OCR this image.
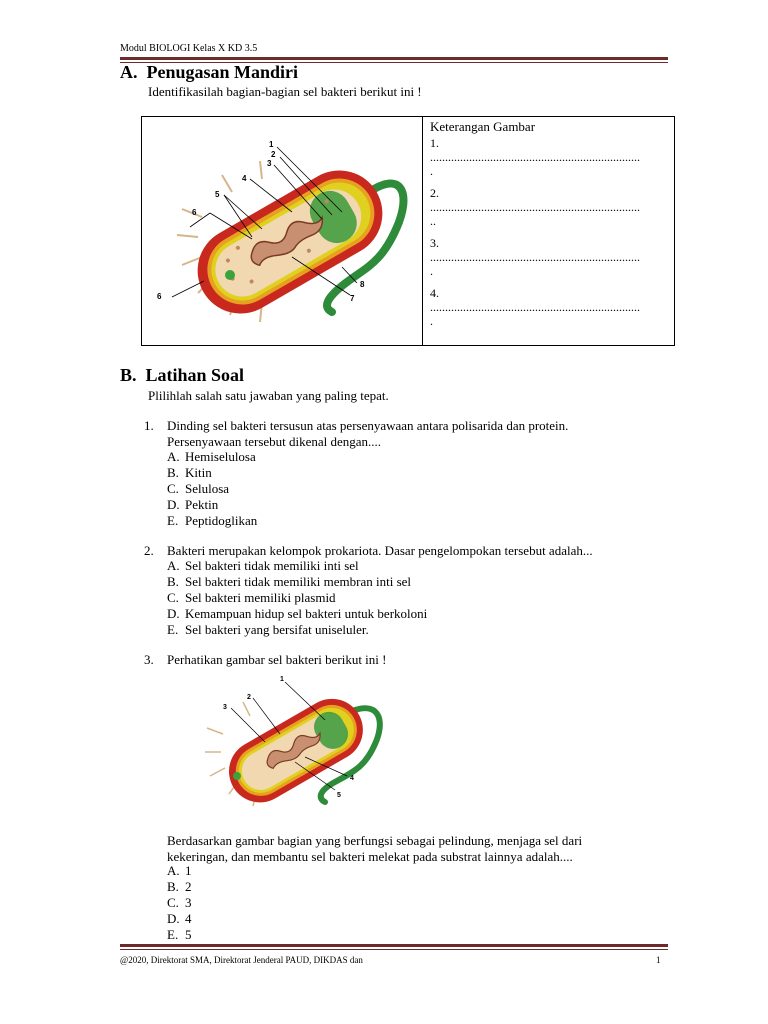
Modul BIOLOGI Kelas X KD 3.5
A.  Penugasan Mandiri
Identifikasilah bagian-bagian sel bakteri berikut ini !
1
2
3
4
5
6
6	7
8
Keterangan Gambar
1.
......................................................................
.
2.
......................................................................
..
3.
......................................................................
.
4.
......................................................................
.
B.  Latihan Soal
Plilihlah salah satu jawaban yang paling tepat.
1. Dinding sel bakteri tersusun atas persenyawaan antara polisarida dan protein.
Persenyawaan tersebut dikenal dengan....
A. Hemiselulosa
B. Kitin
C. Selulosa
D. Pektin
E. Peptidoglikan
2. Bakteri merupakan kelompok prokariota. Dasar pengelompokan tersebut adalah...
A. Sel bakteri tidak memiliki inti sel
B. Sel bakteri tidak memiliki membran inti sel
C. Sel bakteri memiliki plasmid
D. Kemampuan hidup sel bakteri untuk berkoloni
E. Sel bakteri yang bersifat uniseluler.
3. Perhatikan gambar sel bakteri berikut ini !
1
2
3
4
5
Berdasarkan gambar bagian yang berfungsi sebagai pelindung, menjaga sel dari
kekeringan, dan membantu sel bakteri melekat pada substrat lainnya adalah....
A. 1
B. 2
C. 3
D. 4
E. 5
@2020, Direktorat SMA, Direktorat Jenderal PAUD, DIKDAS dan	1
